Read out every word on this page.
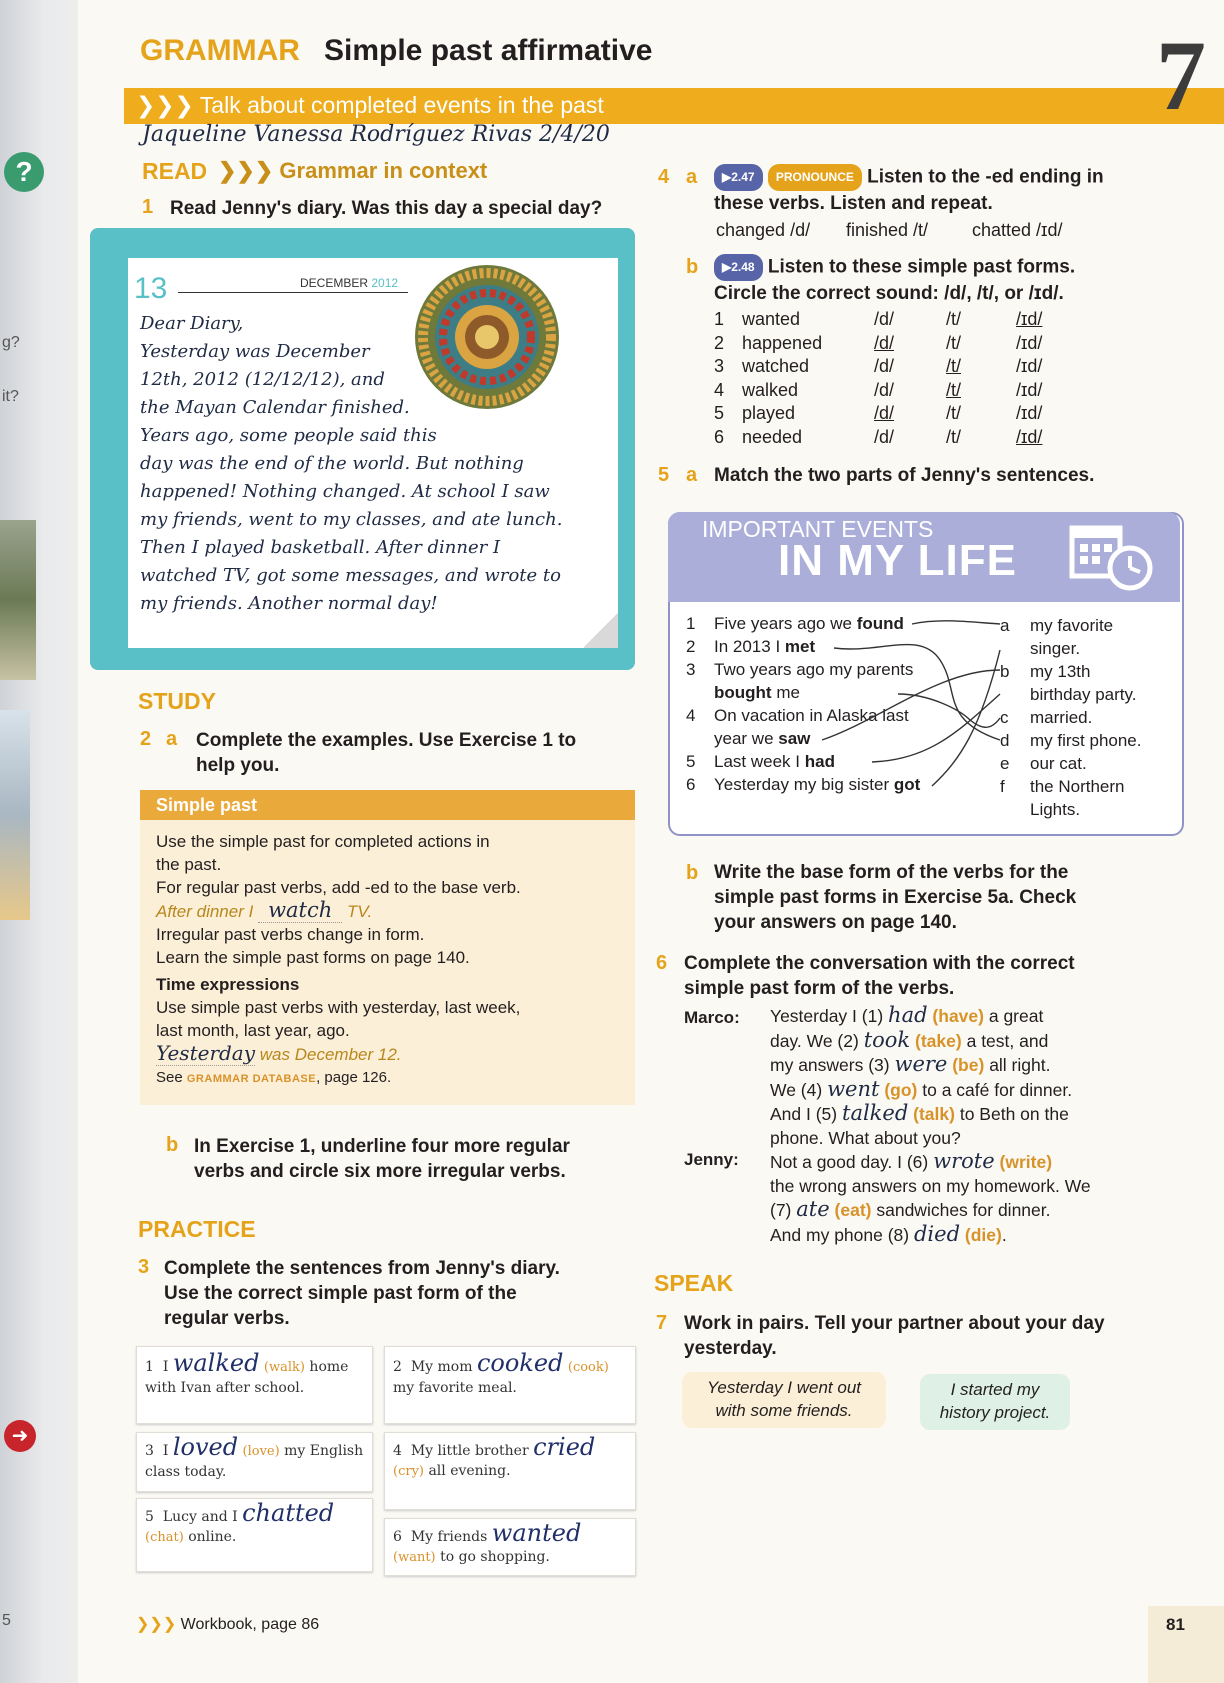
?
➜
g?
it?
5
GRAMMAR Simple past affirmative
❯❯❯ Talk about completed events in the past	7
Jaqueline Vanessa Rodríguez Rivas 2/4/20
READ ❯❯❯ Grammar in context
1 Read Jenny's diary. Was this day a special day?
13	DECEMBER 2012
Dear Diary,
Yesterday was December
12th, 2012 (12/12/12), and
the Mayan Calendar finished.
Years ago, some people said this
day was the end of the world. But nothing
happened! Nothing changed. At school I saw
my friends, went to my classes, and ate lunch.
Then I played basketball. After dinner I
watched TV, got some messages, and wrote to
my friends. Another normal day!
STUDY
2 a Complete the examples. Use Exercise 1 to
help you.
Simple past
Use the simple past for completed actions in
the past.
For regular past verbs, add -ed to the base verb.
After dinner I watch TV.
Irregular past verbs change in form.
Learn the simple past forms on page 140.
Time expressions
Use simple past verbs with yesterday, last week,
last month, last year, ago.
Yesterday was December 12.
See GRAMMAR DATABASE, page 126.
b In Exercise 1, underline four more regular
verbs and circle six more irregular verbs.
PRACTICE
3 Complete the sentences from Jenny's diary.
Use the correct simple past form of the
regular verbs.
1 I walked (walk) home with Ivan after school.
2 My mom cooked (cook) my favorite meal.
3 I loved (love) my English class today.
4 My little brother cried (cry) all evening.
5 Lucy and I chatted (chat) online.	6 My friends wanted (want) to go shopping.
❯❯❯ Workbook, page 86
4 a	▶2.47 PRONOUNCE Listen to the -ed ending in
these verbs. Listen and repeat.
changed /d/ finished /t/ chatted /ɪd/
b	▶2.48 Listen to these simple past forms.
Circle the correct sound: /d/, /t/, or /ɪd/.
1 wanted	/d/	/t/	/ɪd/
2 happened	/d/	/t/	/ɪd/
3 watched	/d/	/t/	/ɪd/
4 walked	/d/	/t/	/ɪd/
5 played	/d/	/t/	/ɪd/
6 needed	/d/	/t/	/ɪd/
5 a Match the two parts of Jenny's sentences.
IMPORTANT EVENTS
IN MY LIFE
1 Five years ago we found
2 In 2013 I met
3 Two years ago my parents
bought me
4 On vacation in Alaska last
year we saw
5 Last week I had
6 Yesterday my big sister got
a my favorite
singer.
b my 13th
birthday party.
c married.
d my first phone.
e our cat.
f the Northern
Lights.
b Write the base form of the verbs for the
simple past forms in Exercise 5a. Check
your answers on page 140.
6 Complete the conversation with the correct
simple past form of the verbs.
Marco:
Jenny:
Yesterday I (1) had (have) a great
day. We (2) took (take) a test, and
my answers (3) were (be) all right.
We (4) went (go) to a café for dinner.
And I (5) talked (talk) to Beth on the
phone. What about you?
Not a good day. I (6) wrote (write)
the wrong answers on my homework. We
(7) ate (eat) sandwiches for dinner.
And my phone (8) died (die).
SPEAK
7 Work in pairs. Tell your partner about your day
yesterday.
Yesterday I went out
with some friends.
I started my
history project.
81
